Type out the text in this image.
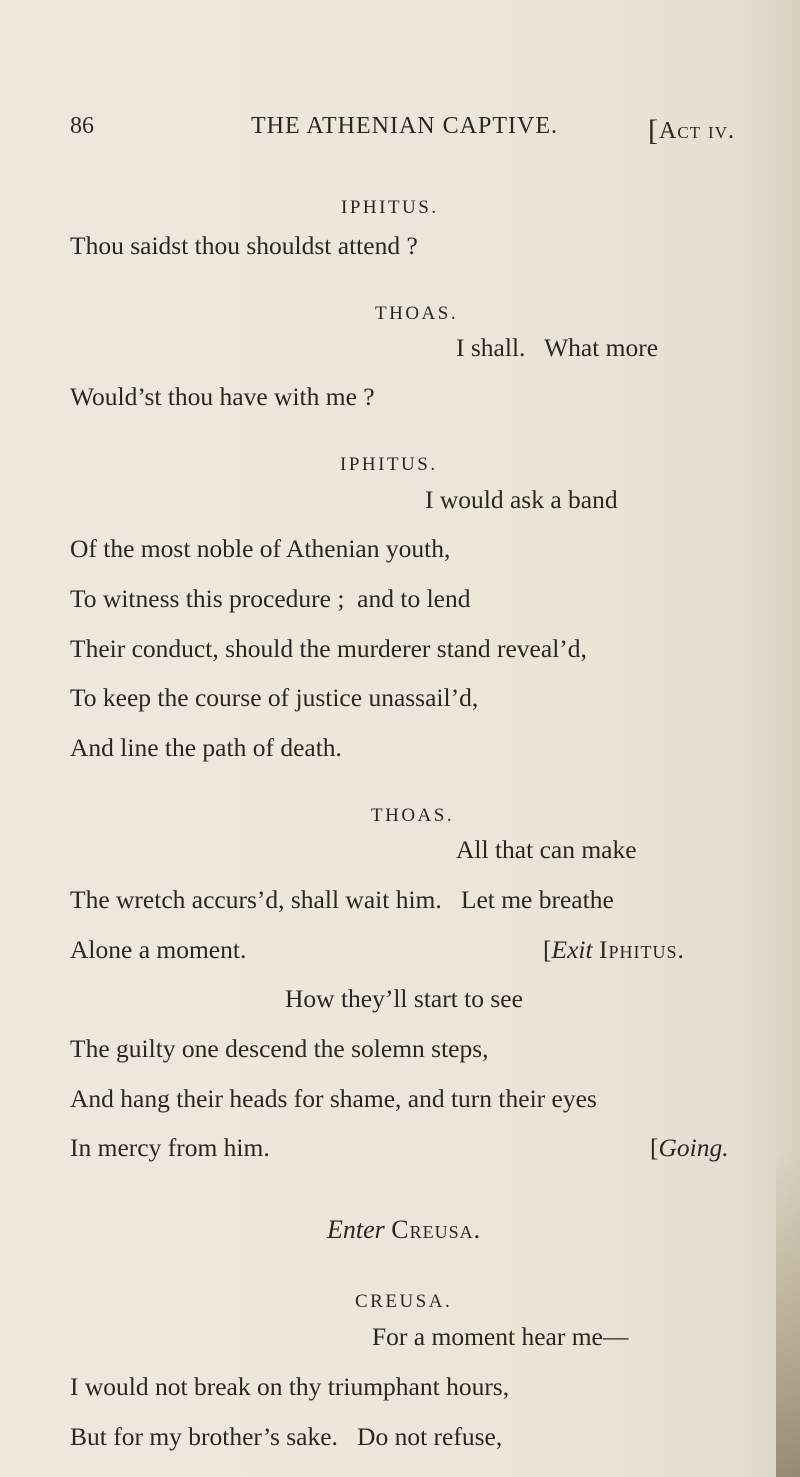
86	THE ATHENIAN CAPTIVE.	[Act iv.
IPHITUS.
Thou saidst thou shouldst attend ?
THOAS.
I shall.   What more
Would’st thou have with me ?
IPHITUS.
I would ask a band
Of the most noble of Athenian youth,
To witness this procedure ;  and to lend
Their conduct, should the murderer stand reveal’d,
To keep the course of justice unassail’d,
And line the path of death.
THOAS.
All that can make
The wretch accurs’d, shall wait him.   Let me breathe
Alone a moment.	[Exit Iphitus.
How they’ll start to see
The guilty one descend the solemn steps,
And hang their heads for shame, and turn their eyes
In mercy from him.	[Going.
Enter Creusa.
CREUSA.
For a moment hear me—
I would not break on thy triumphant hours,
But for my brother’s sake.   Do not refuse,
